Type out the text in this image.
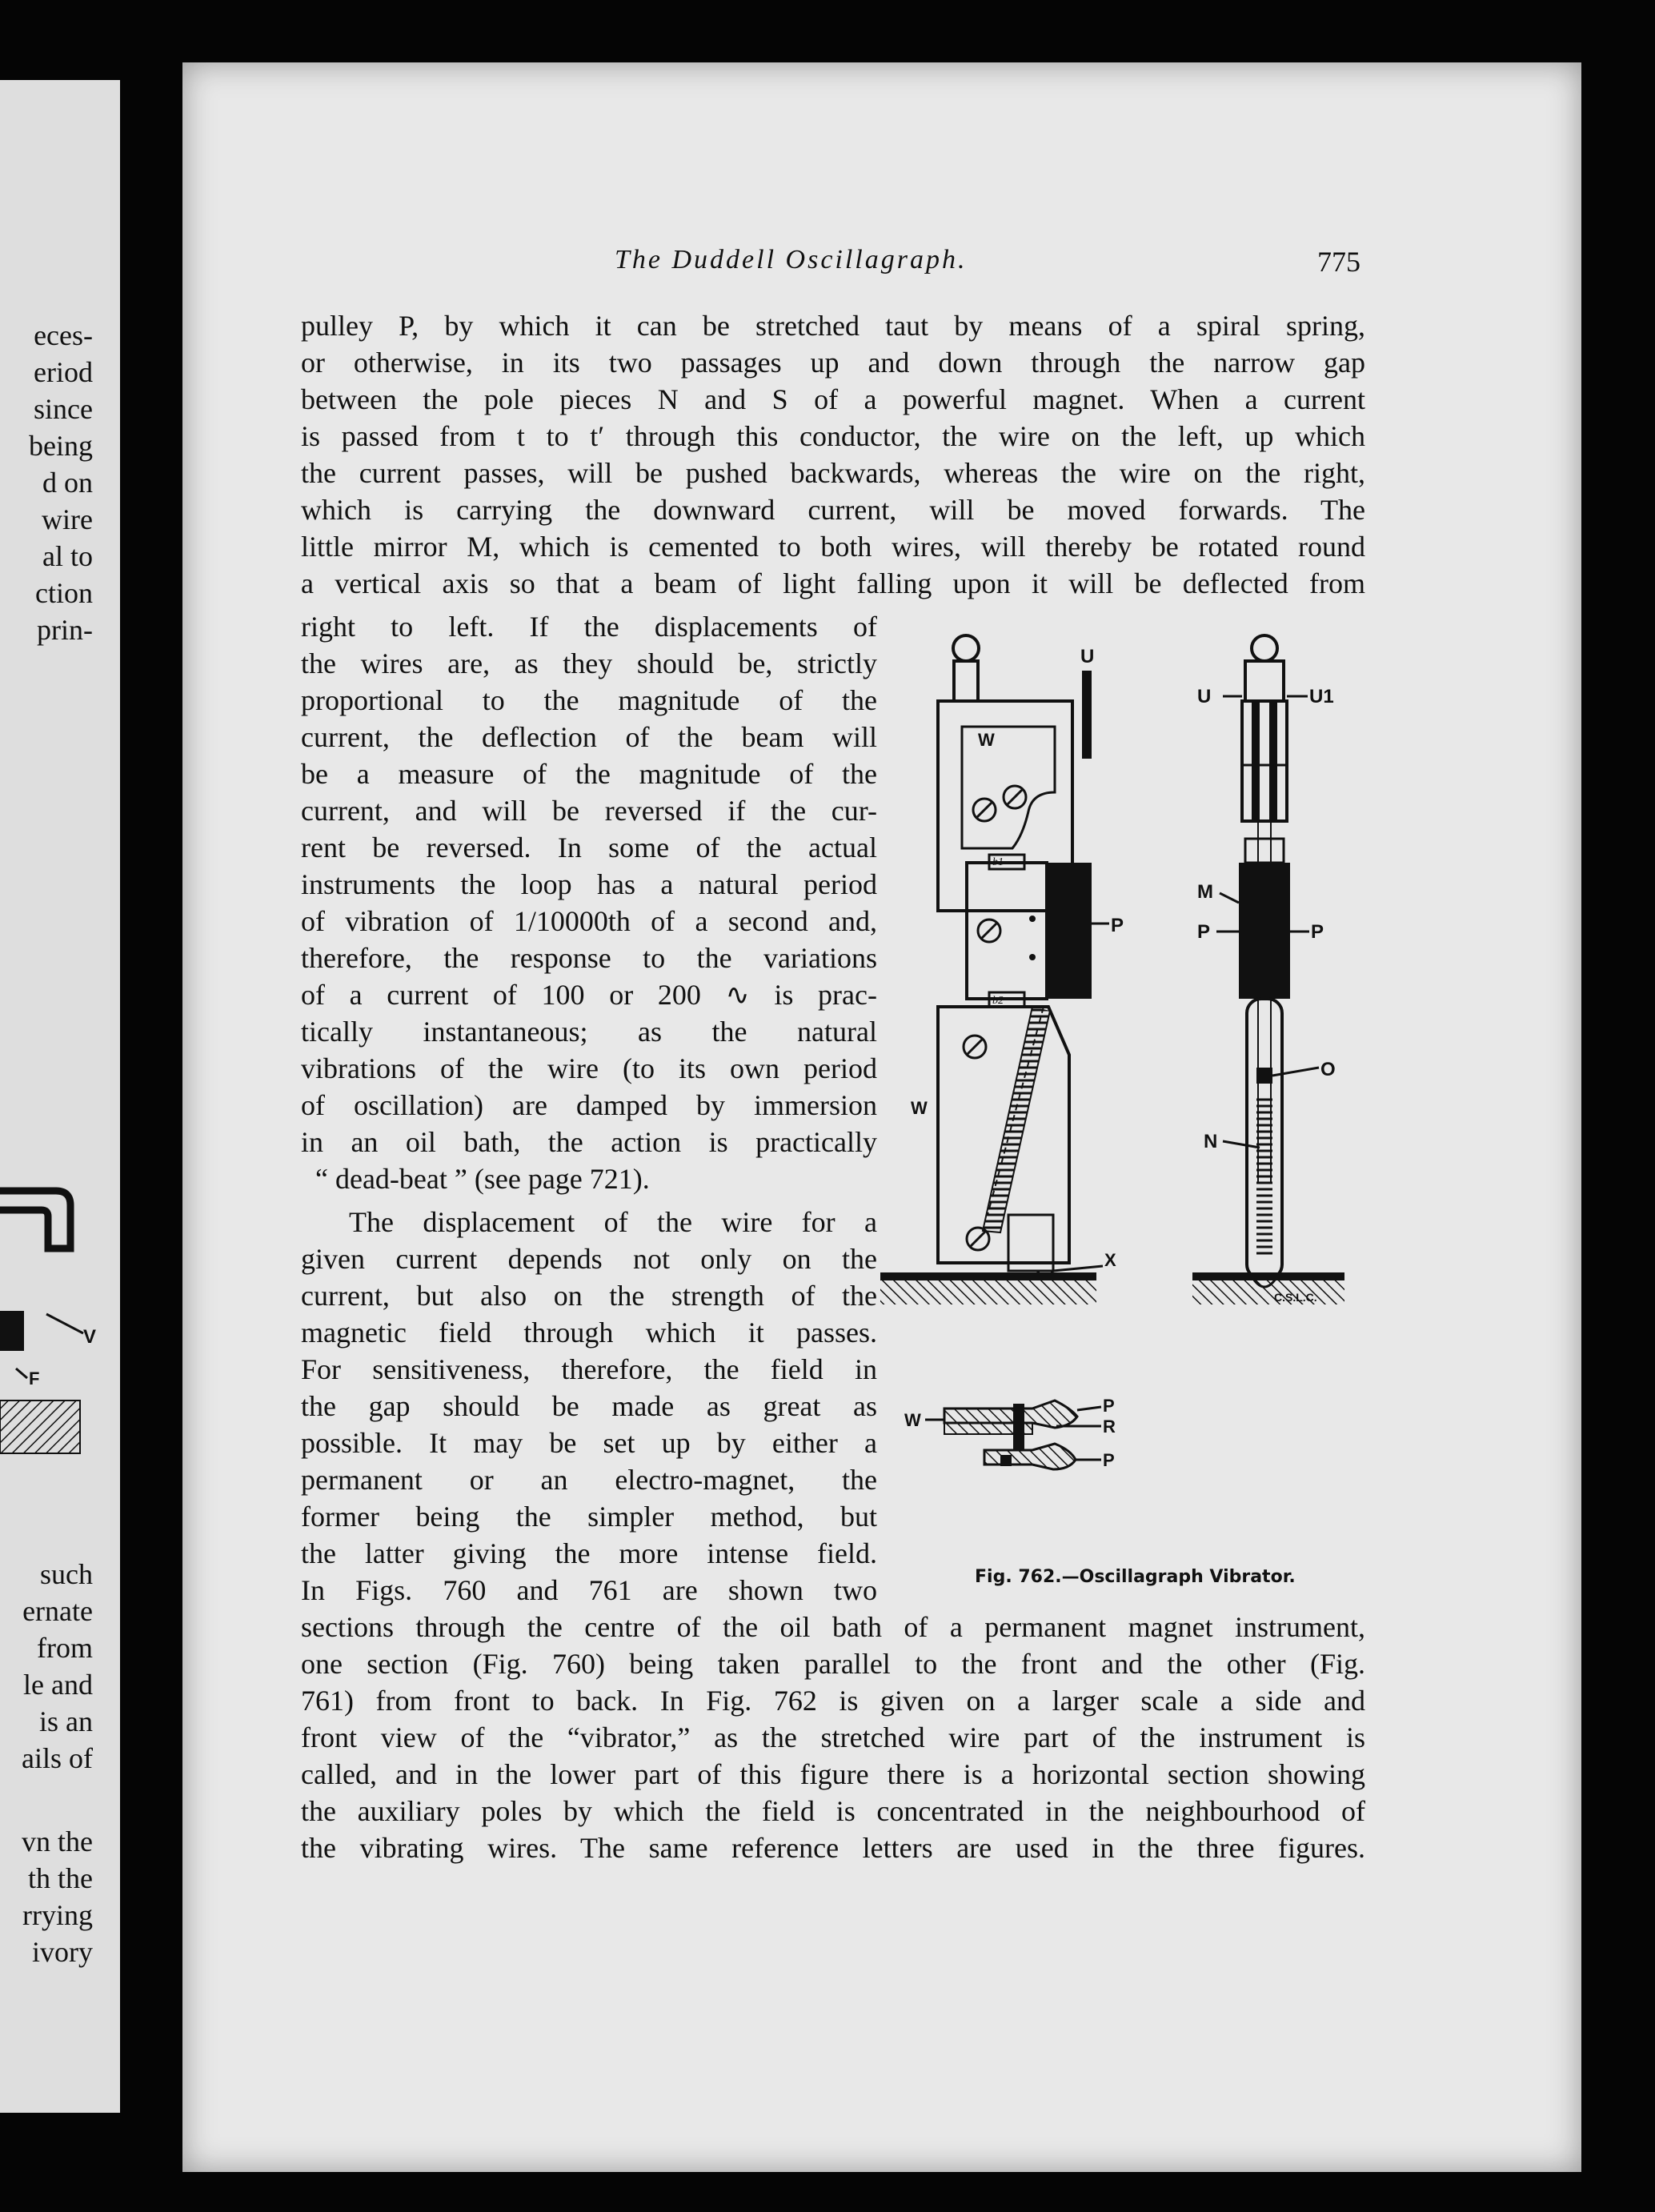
eces-

eriod

since

being

d on

wire

al to

ction

prin-

V
F

such

ernate

from

le and

is an

ails of

vn the

th the

rrying

ivory

The Duddell Oscillagraph.	775

pulley P, by which it can be stretched taut by means of a spiral spring,

or otherwise, in its two passages up and down through the narrow gap

between the pole pieces N and S of a powerful magnet. When a current

is passed from t to t′ through this conductor, the wire on the left, up which

the current passes, will be pushed backwards, whereas the wire on the right,

which is carrying the downward current, will be moved forwards. The

little mirror M, which is cemented to both wires, will thereby be rotated round

a vertical axis so that a beam of light falling upon it will be deflected from

right to left. If the displacements of

the wires are, as they should be, strictly

proportional to the magnitude of the

current, the deflection of the beam will

be a measure of the magnitude of the

current, and will be reversed if the cur-

rent be reversed. In some of the actual

instruments the loop has a natural period

of vibration of 1/10000th of a second and,

therefore, the response to the variations

of a current of 100 or 200 ∿ is prac-

tically instantaneous; as the natural

vibrations of the wire (to its own period

of oscillation) are damped by immersion

in an oil bath, the action is practically

“ dead-beat ” (see page 721).

The displacement of the wire for a

given current depends not only on the

current, but also on the strength of the

magnetic field through which it passes.

For sensitiveness, therefore, the field in

the gap should be made as great as

possible. It may be set up by either a

permanent or an electro-magnet, the

former being the simpler method, but

the latter giving the more intense field.

In Figs. 760 and 761 are shown two

sections through the centre of the oil bath of a permanent magnet instrument,

one section (Fig. 760) being taken parallel to the front and the other (Fig.

761) from front to back. In Fig. 762 is given on a larger scale a side and

front view of the “vibrator,” as the stretched wire part of the instrument is

called, and in the lower part of this figure there is a horizontal section showing

the auxiliary poles by which the field is concentrated in the neighbourhood of

the vibrating wires. The same reference letters are used in the three figures.

U
W
P
b1
b2
W
X
U	U1
M
P	P
O
N
C.S.L.C.
W
P
R
P

Fig. 762.—Oscillagraph Vibrator.
